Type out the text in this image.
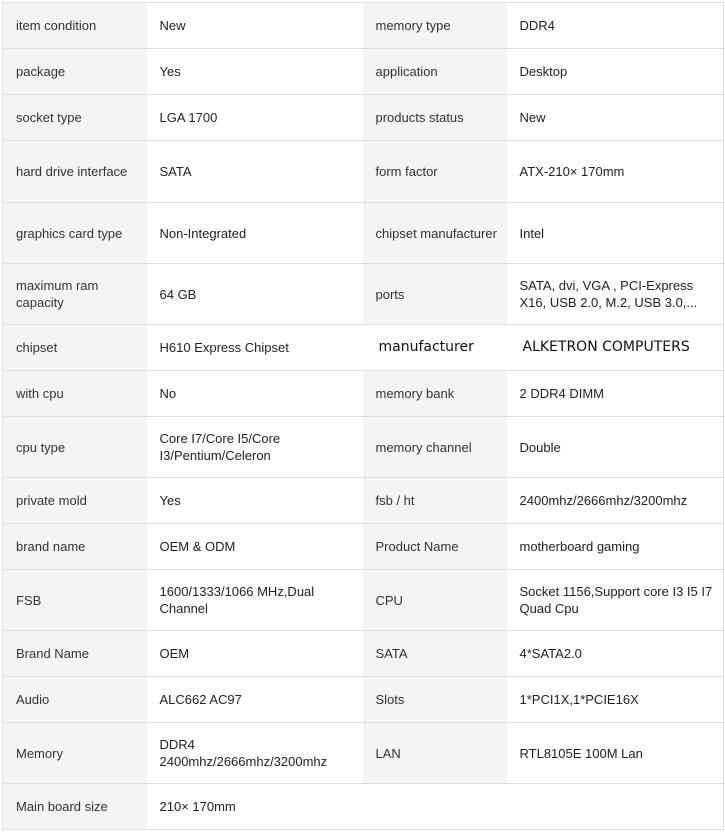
item condition	New	memory type	DDR4
package	Yes	application	Desktop
socket type	LGA 1700	products status	New
hard drive interface	SATA	form factor	ATX-210× 170mm
graphics card type	Non-Integrated	chipset manufacturer	Intel
maximum ram capacity	64 GB	ports	SATA, dvi, VGA , PCI-Express X16, USB 2.0, M.2, USB 3.0,...
chipset	H610 Express Chipset	manufacturer	ALKETRON COMPUTERS
with cpu	No	memory bank	2 DDR4 DIMM
cpu type	Core I7/Core I5/Core I3/Pentium/Celeron	memory channel	Double
private mold	Yes	fsb / ht	2400mhz/2666mhz/3200mhz
brand name	OEM & ODM	Product Name	motherboard gaming
FSB	1600/1333/1066 MHz,Dual Channel	CPU	Socket 1156,Support core I3 I5 I7 Quad Cpu
Brand Name	OEM	SATA	4*SATA2.0
Audio	ALC662 AC97	Slots	1*PCI1X,1*PCIE16X
Memory	DDR4 2400mhz/2666mhz/3200mhz	LAN	RTL8105E 100M Lan
Main board size	210× 170mm		
